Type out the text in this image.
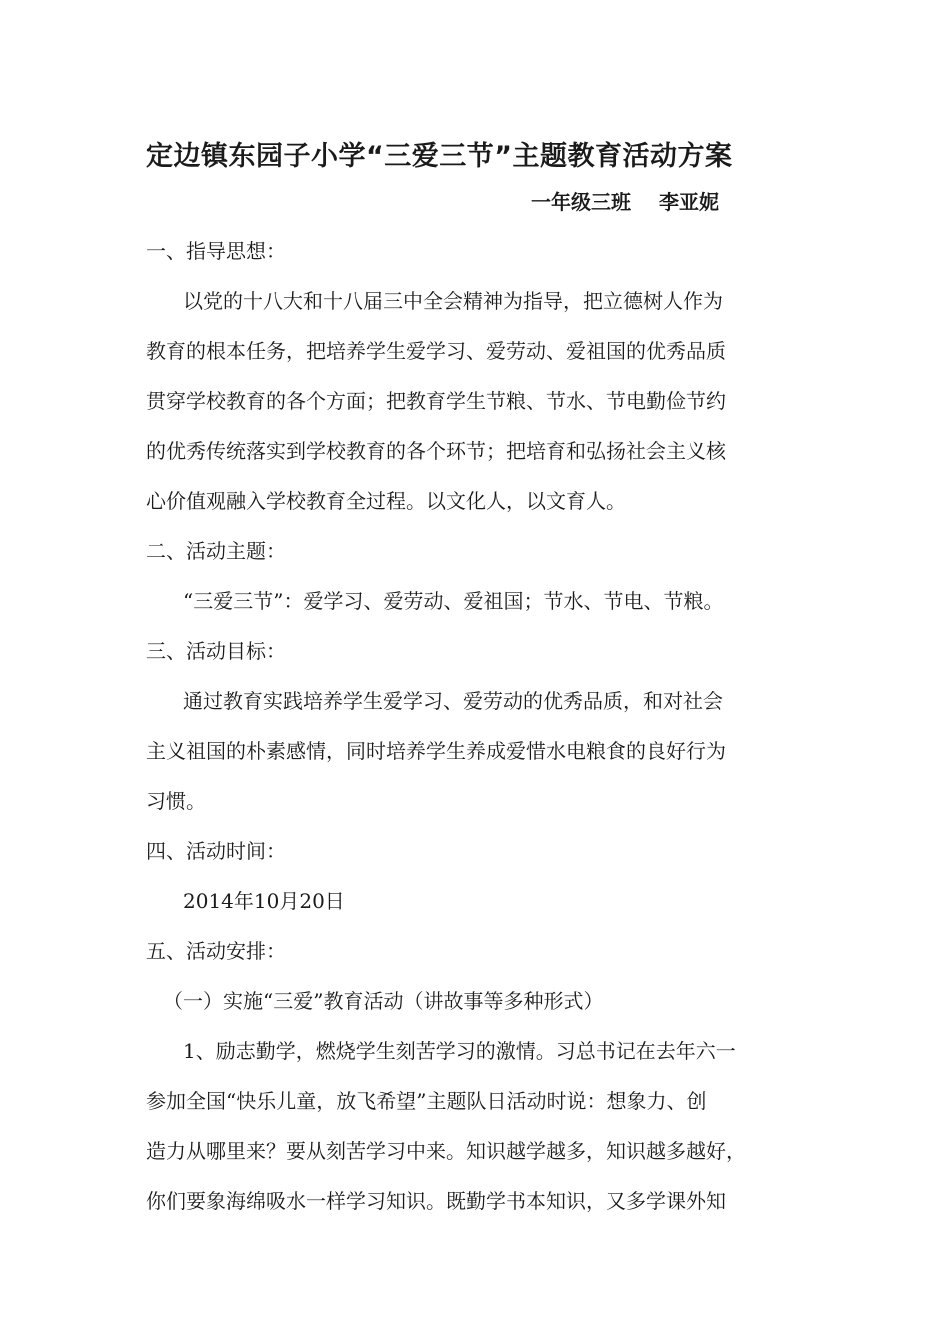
定边镇东园子小学“三爱三节”主题教育活动方案
一年级三班 李亚妮
一、指导思想：
以党的十八大和十八届三中全会精神为指导，把立德树人作为
教育的根本任务，把培养学生爱学习、爱劳动、爱祖国的优秀品质
贯穿学校教育的各个方面；把教育学生节粮、节水、节电勤俭节约
的优秀传统落实到学校教育的各个环节；把培育和弘扬社会主义核
心价值观融入学校教育全过程。以文化人，以文育人。
二、活动主题：
“三爱三节”：爱学习、爱劳动、爱祖国；节水、节电、节粮。
三、活动目标：
通过教育实践培养学生爱学习、爱劳动的优秀品质，和对社会
主义祖国的朴素感情，同时培养学生养成爱惜水电粮食的良好行为
习惯。
四、活动时间：
2014年10月20日
五、活动安排：
（一）实施“三爱”教育活动（讲故事等多种形式）
1、励志勤学，燃烧学生刻苦学习的激情。习总书记在去年六一
参加全国“快乐儿童，放飞希望”主题队日活动时说：想象力、创
造力从哪里来？要从刻苦学习中来。知识越学越多，知识越多越好，
你们要象海绵吸水一样学习知识。既勤学书本知识，又多学课外知
